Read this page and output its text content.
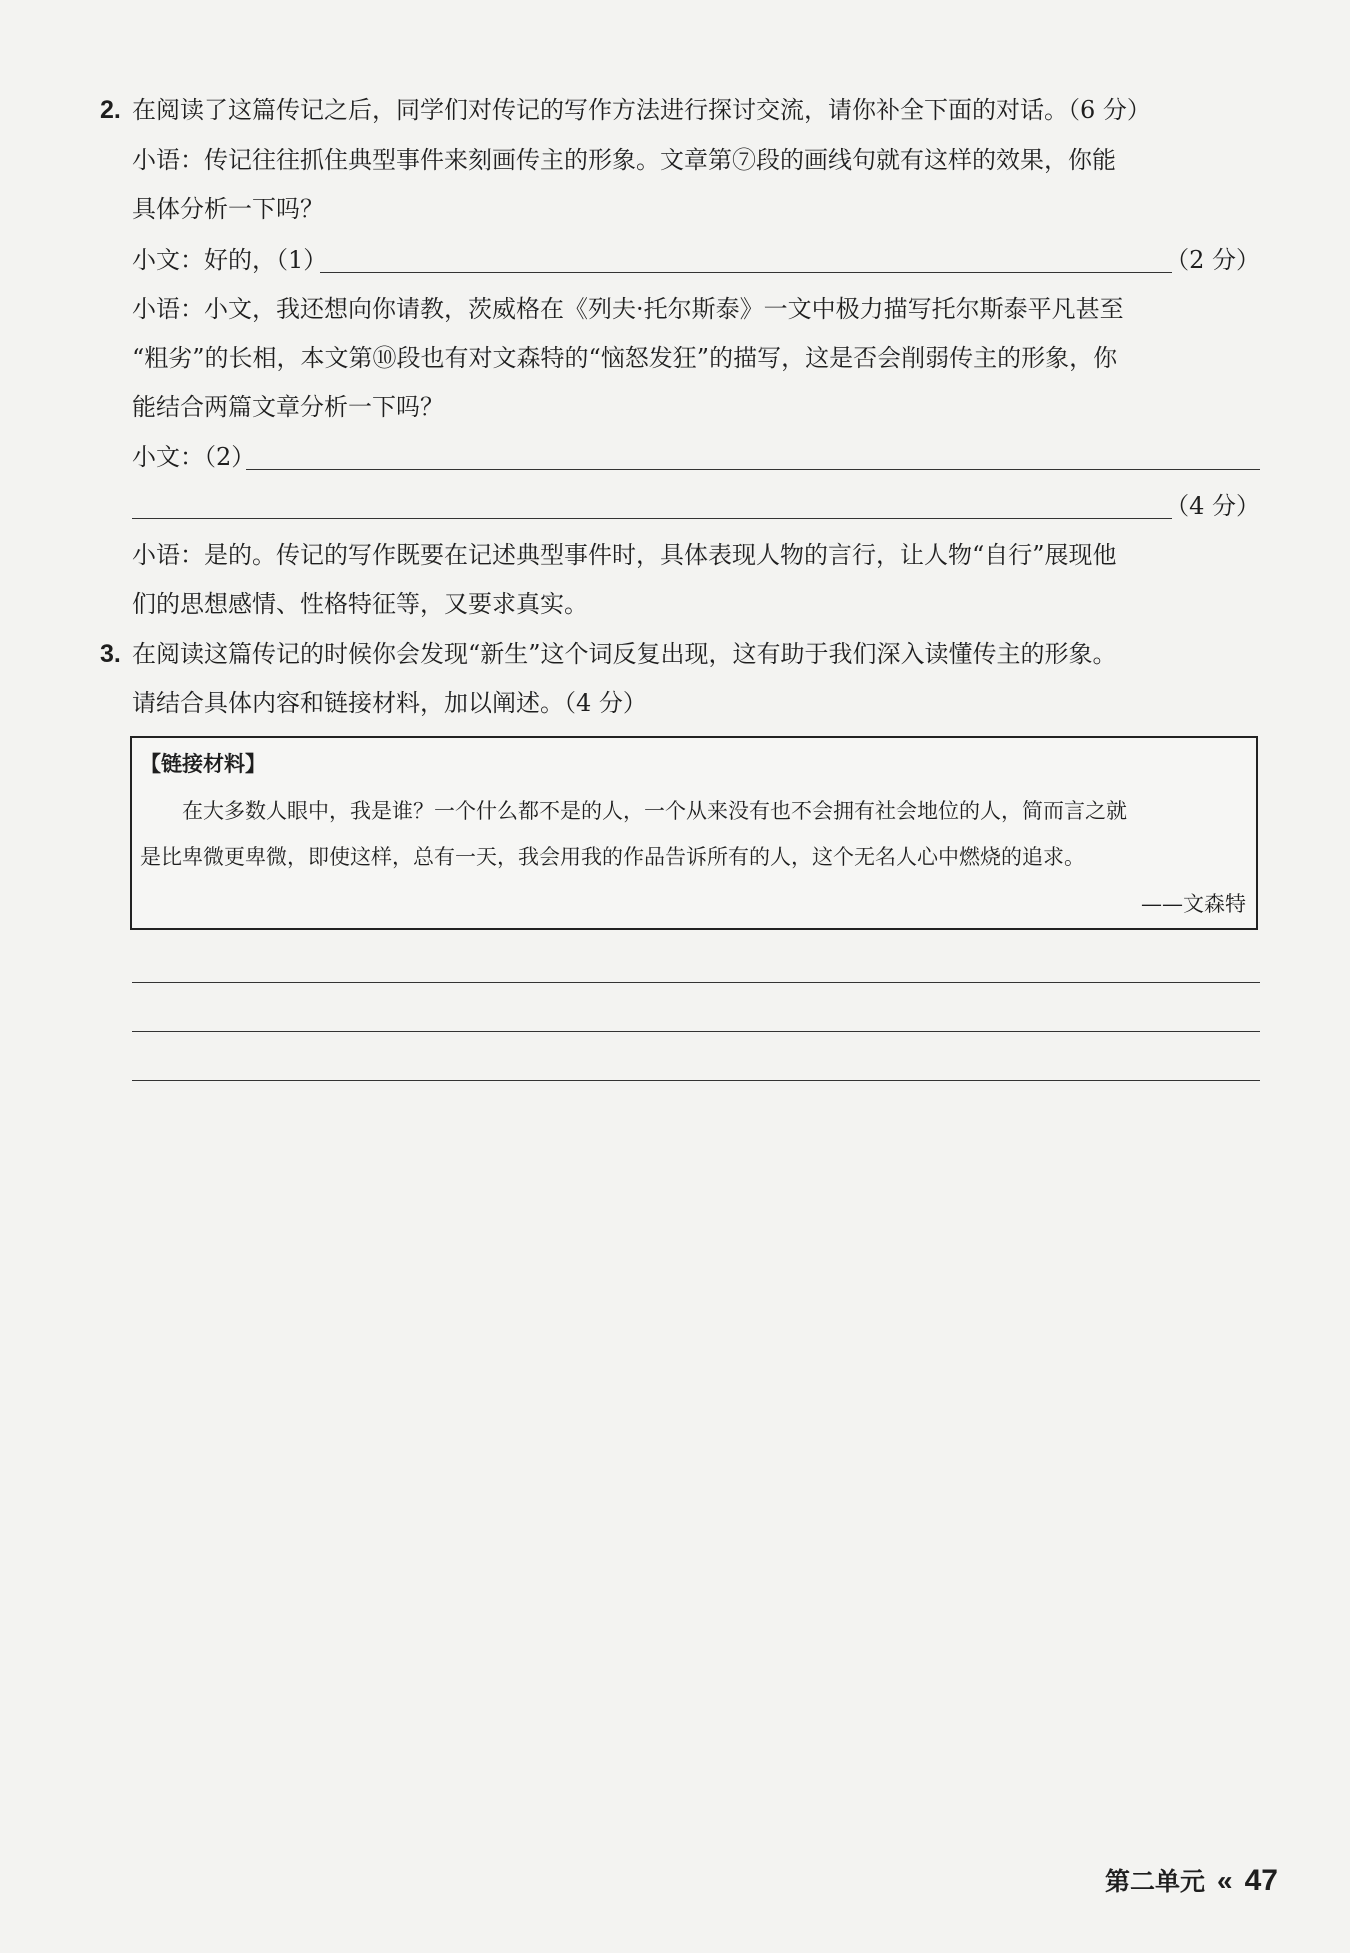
2. 在阅读了这篇传记之后，同学们对传记的写作方法进行探讨交流，请你补全下面的对话。（6 分）
小语：传记往往抓住典型事件来刻画传主的形象。文章第⑦段的画线句就有这样的效果，你能
具体分析一下吗？
小文：好的，（1）	（2 分）
小语：小文，我还想向你请教，茨威格在《列夫·托尔斯泰》一文中极力描写托尔斯泰平凡甚至
“粗劣”的长相，本文第⑩段也有对文森特的“恼怒发狂”的描写，这是否会削弱传主的形象，你
能结合两篇文章分析一下吗？
小文：（2）
（4 分）
小语：是的。传记的写作既要在记述典型事件时，具体表现人物的言行，让人物“自行”展现他
们的思想感情、性格特征等，又要求真实。
3. 在阅读这篇传记的时候你会发现“新生”这个词反复出现，这有助于我们深入读懂传主的形象。
请结合具体内容和链接材料，加以阐述。（4 分）
【链接材料】
在大多数人眼中，我是谁？一个什么都不是的人，一个从来没有也不会拥有社会地位的人，简而言之就
是比卑微更卑微，即使这样，总有一天，我会用我的作品告诉所有的人，这个无名人心中燃烧的追求。
——文森特
第二单元 « 47
